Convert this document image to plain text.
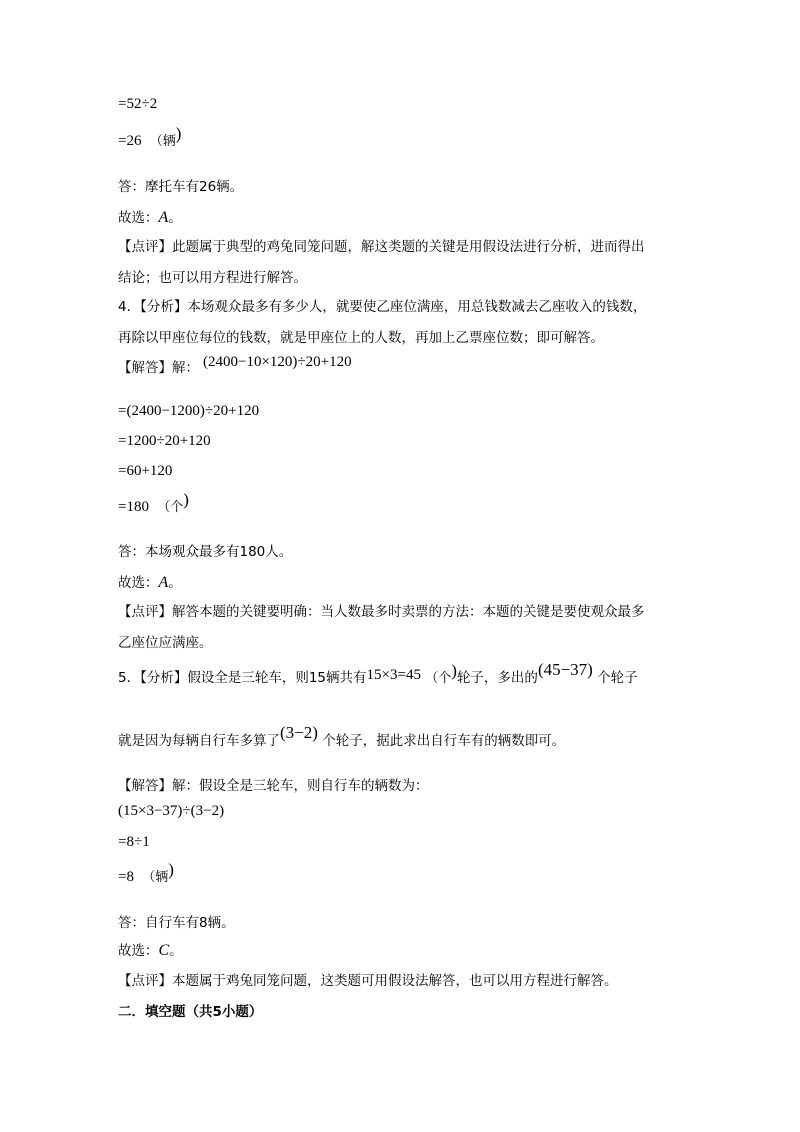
=52÷2
=26 （辆)
答：摩托车有26辆。
故选：A。
【点评】此题属于典型的鸡兔同笼问题，解这类题的关键是用假设法进行分析，进而得出
结论；也可以用方程进行解答。
4．【分析】本场观众最多有多少人，就要使乙座位满座，用总钱数减去乙座收入的钱数，
再除以甲座位每位的钱数，就是甲座位上的人数，再加上乙票座位数；即可解答。
【解答】解： (2400−10×120)÷20+120
=(2400−1200)÷20+120
=1200÷20+120
=60+120
=180 （个)
答：本场观众最多有180人。
故选：A。
【点评】解答本题的关键要明确：当人数最多时卖票的方法：本题的关键是要使观众最多
乙座位应满座。
5．【分析】假设全是三轮车，则15辆共有15×3=45 （个)轮子，多出的(45−37) 个轮子
就是因为每辆自行车多算了(3−2) 个轮子，据此求出自行车有的辆数即可。
【解答】解：假设全是三轮车，则自行车的辆数为：
(15×3−37)÷(3−2)
=8÷1
=8 （辆)
答：自行车有8辆。
故选：C。
【点评】本题属于鸡兔同笼问题，这类题可用假设法解答，也可以用方程进行解答。
二．填空题（共5小题）
